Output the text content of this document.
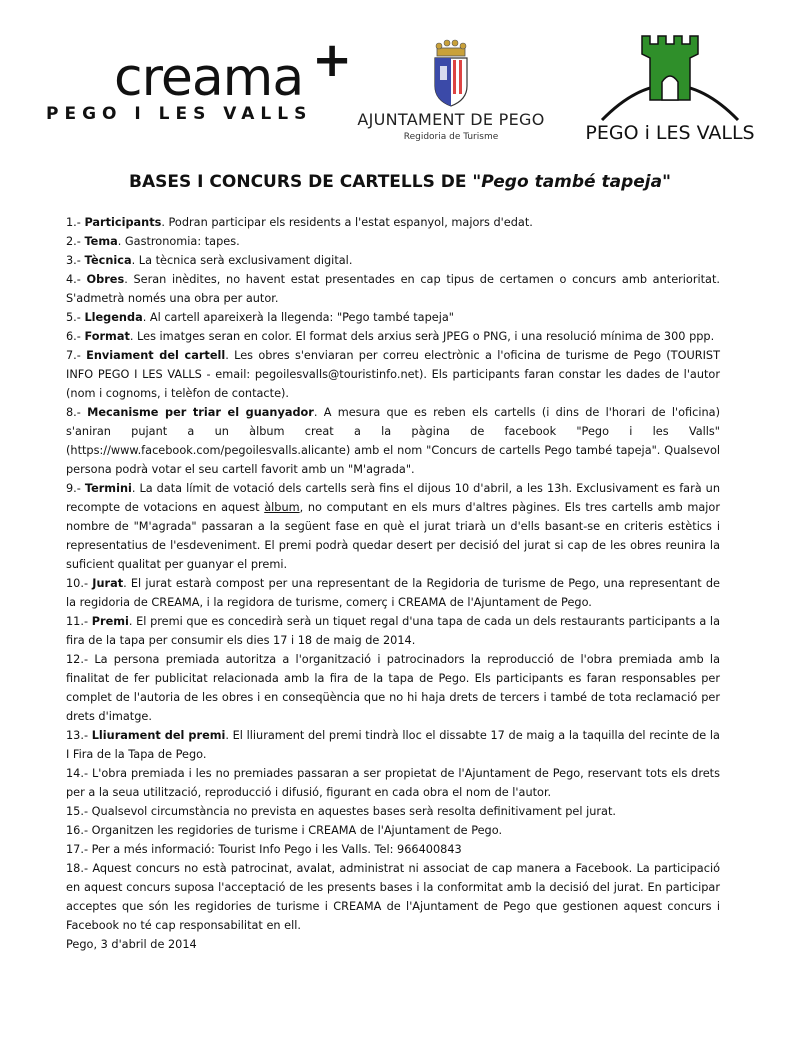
creama +
PEGO I LES VALLS	AJUNTAMENT DE PEGO
Regidoria de Turisme	PEGO i LES VALLS
BASES I CONCURS DE CARTELLS DE "Pego també tapeja"

1.- Participants. Podran participar els residents a l'estat espanyol, majors d'edat.

2.- Tema. Gastronomia: tapes.

3.- Tècnica. La tècnica serà exclusivament digital.

4.- Obres. Seran inèdites, no havent estat presentades en cap tipus de certamen o concurs amb anterioritat. S'admetrà només una obra per autor.

5.- Llegenda. Al cartell apareixerà la llegenda: "Pego també tapeja"

6.- Format. Les imatges seran en color. El format dels arxius serà JPEG o PNG, i una resolució mínima de 300 ppp.

7.- Enviament del cartell. Les obres s'enviaran per correu electrònic a l'oficina de turisme de Pego (TOURIST INFO PEGO I LES VALLS - email: pegoilesvalls@touristinfo.net). Els participants faran constar les dades de l'autor (nom i cognoms, i telèfon de contacte).

8.- Mecanisme per triar el guanyador. A mesura que es reben els cartells (i dins de l'horari de l'oficina) s'aniran pujant a un àlbum creat a la pàgina de facebook "Pego i les Valls" (https://www.facebook.com/pegoilesvalls.alicante) amb el nom "Concurs de cartells Pego també tapeja". Qualsevol persona podrà votar el seu cartell favorit amb un "M'agrada".

9.- Termini. La data límit de votació dels cartells serà fins el dijous 10 d'abril, a les 13h. Exclusivament es farà un recompte de votacions en aquest àlbum, no computant en els murs d'altres pàgines. Els tres cartells amb major nombre de "M'agrada" passaran a la següent fase en què el jurat triarà un d'ells basant-se en criteris estètics i representatius de l'esdeveniment. El premi podrà quedar desert per decisió del jurat si cap de les obres reunira la suficient qualitat per guanyar el premi.

10.- Jurat. El jurat estarà compost per una representant de la Regidoria de turisme de Pego, una representant de la regidoria de CREAMA, i la regidora de turisme, comerç i CREAMA de l'Ajuntament de Pego.

11.- Premi. El premi que es concedirà serà un tiquet regal d'una tapa de cada un dels restaurants participants a la fira de la tapa per consumir els dies 17 i 18 de maig de 2014.

12.- La persona premiada autoritza a l'organització i patrocinadors la reproducció de l'obra premiada amb la finalitat de fer publicitat relacionada amb la fira de la tapa de Pego. Els participants es faran responsables per complet de l'autoria de les obres i en conseqüència que no hi haja drets de tercers i també de tota reclamació per drets d'imatge.

13.- Lliurament del premi. El lliurament del premi tindrà lloc el dissabte 17 de maig a la taquilla del recinte de la I Fira de la Tapa de Pego.

14.- L'obra premiada i les no premiades passaran a ser propietat de l'Ajuntament de Pego, reservant tots els drets per a la seua utilització, reproducció i difusió, figurant en cada obra el nom de l'autor.

15.- Qualsevol circumstància no prevista en aquestes bases serà resolta definitivament pel jurat.

16.- Organitzen les regidories de turisme i CREAMA de l'Ajuntament de Pego.

17.- Per a més informació: Tourist Info Pego i les Valls. Tel: 966400843

18.- Aquest concurs no està patrocinat, avalat, administrat ni associat de cap manera a Facebook. La participació en aquest concurs suposa l'acceptació de les presents bases i la conformitat amb la decisió del jurat. En participar acceptes que són les regidories de turisme i CREAMA de l'Ajuntament de Pego que gestionen aquest concurs i Facebook no té cap responsabilitat en ell.

Pego, 3 d'abril de 2014
